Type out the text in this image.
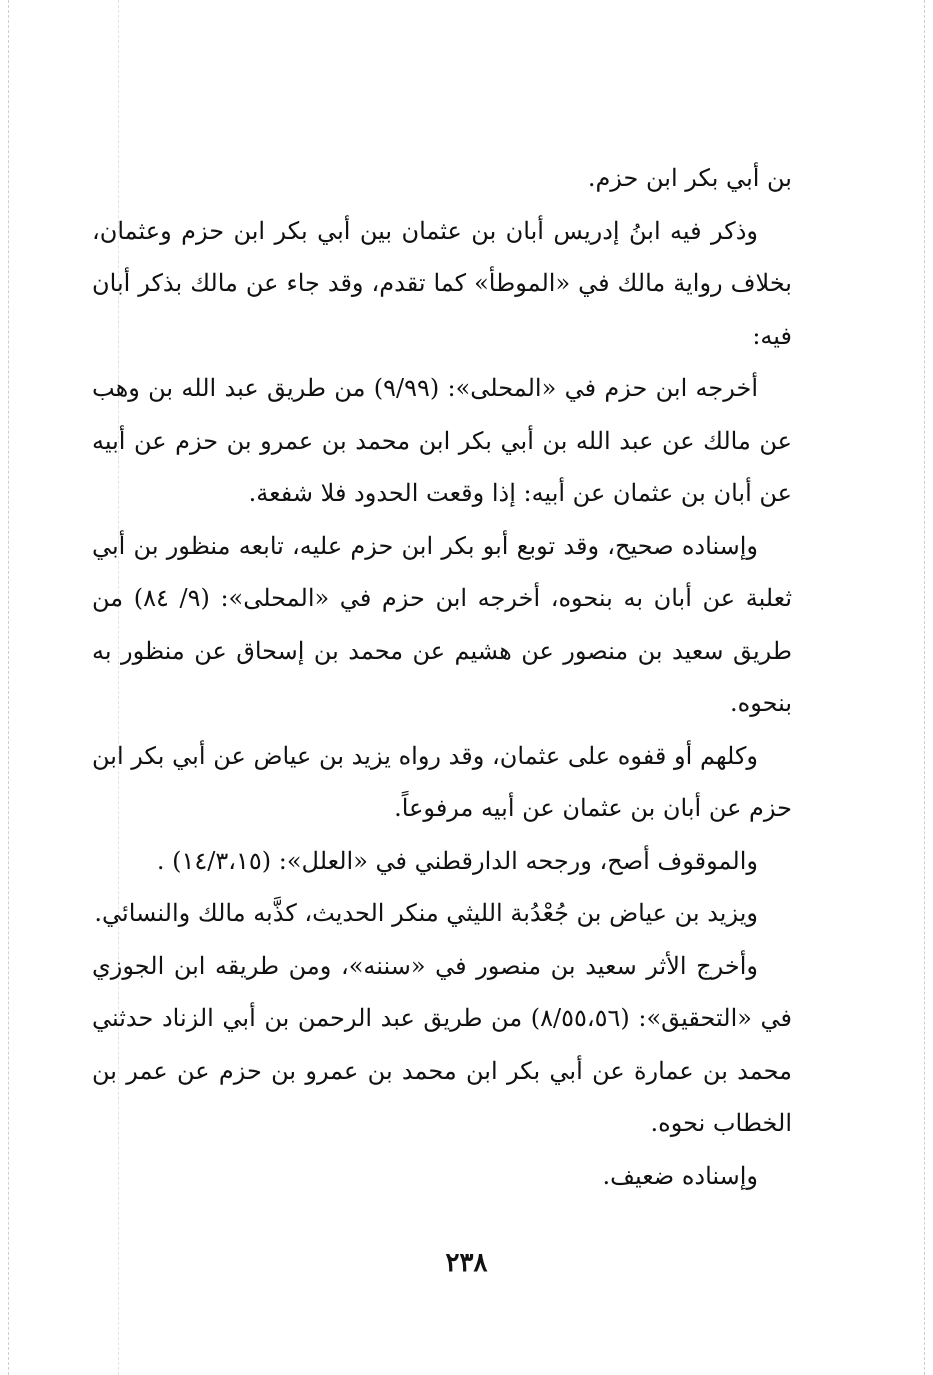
بن أبي بكر ابن حزم.

وذكر فيه ابنُ إدريس أبان بن عثمان بين أبي بكر ابن حزم وعثمان، بخلاف رواية مالك في «الموطأ» كما تقدم، وقد جاء عن مالك بذكر أبان فيه:

أخرجه ابن حزم في «المحلى»: (٩/٩٩) من طريق عبد الله بن وهب عن مالك عن عبد الله بن أبي بكر ابن محمد بن عمرو بن حزم عن أبيه عن أبان بن عثمان عن أبيه: إذا وقعت الحدود فلا شفعة.

وإسناده صحيح، وقد توبع أبو بكر ابن حزم عليه، تابعه منظور بن أبي ثعلبة عن أبان به بنحوه، أخرجه ابن حزم في «المحلى»: (٩/ ٨٤) من طريق سعيد بن منصور عن هشيم عن محمد بن إسحاق عن منظور به بنحوه.

وكلهم أو قفوه على عثمان، وقد رواه يزيد بن عياض عن أبي بكر ابن حزم عن أبان بن عثمان عن أبيه مرفوعاً.

والموقوف أصح، ورجحه الدارقطني في «العلل»: (١٤/٣،١٥) .

ويزيد بن عياض بن جُعْدُبة الليثي منكر الحديث، كذَّبه مالك والنسائي.

وأخرج الأثر سعيد بن منصور في «سننه»، ومن طريقه ابن الجوزي في «التحقيق»: (٨/٥٥،٥٦) من طريق عبد الرحمن بن أبي الزناد حدثني محمد بن عمارة عن أبي بكر ابن محمد بن عمرو بن حزم عن عمر بن الخطاب نحوه.

وإسناده ضعيف.

٢٣٨
